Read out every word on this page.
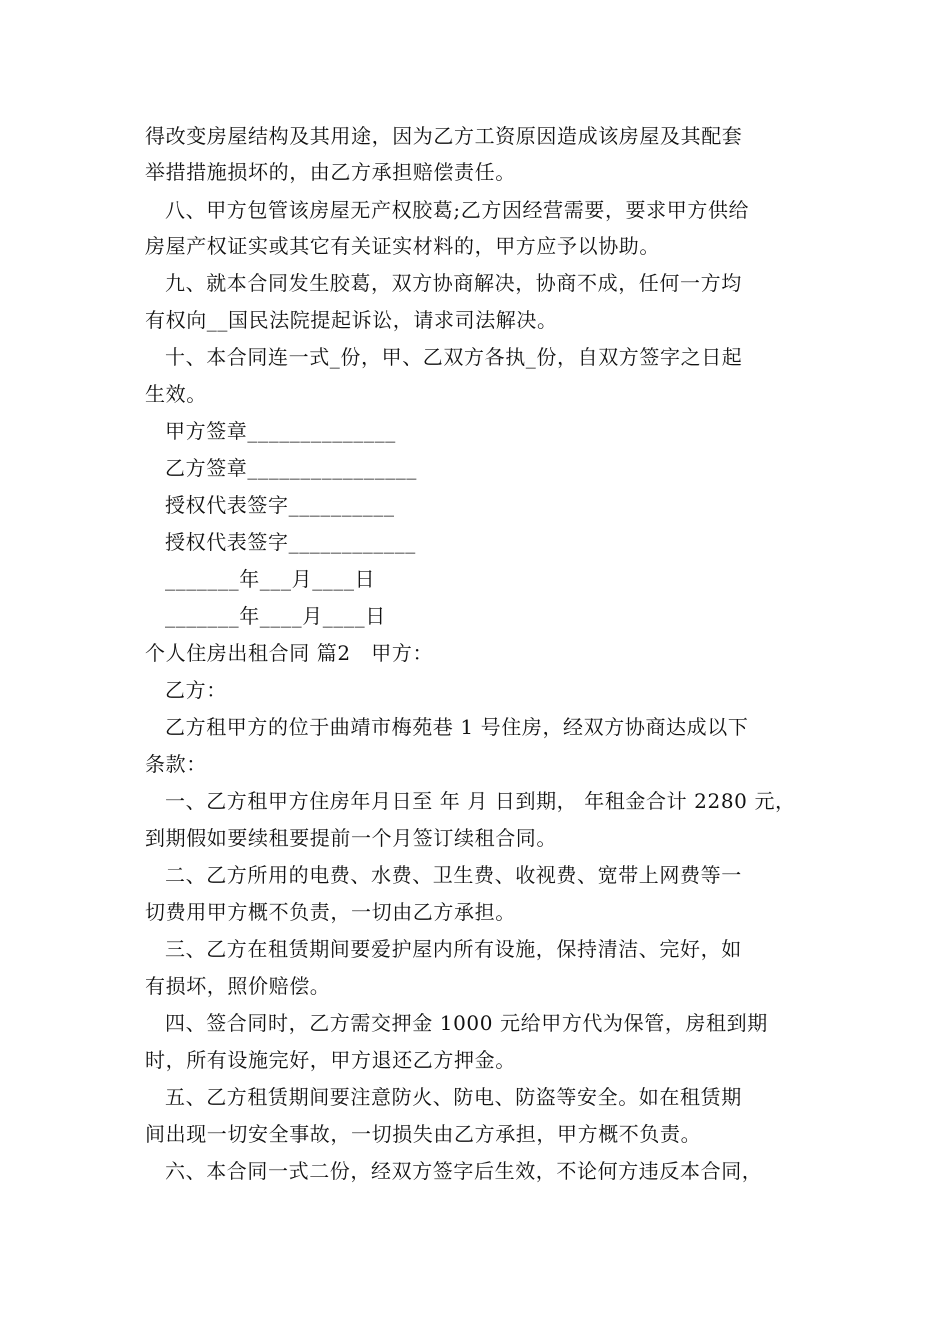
得改变房屋结构及其用途，因为乙方工资原因造成该房屋及其配套
举措措施损坏的，由乙方承担赔偿责任。
八、甲方包管该房屋无产权胶葛;乙方因经营需要，要求甲方供给
房屋产权证实或其它有关证实材料的，甲方应予以协助。
九、就本合同发生胶葛，双方协商解决，协商不成，任何一方均
有权向__国民法院提起诉讼，请求司法解决。
十、本合同连一式_份，甲、乙双方各执_份，自双方签字之日起
生效。
甲方签章______________
乙方签章________________
授权代表签字__________
授权代表签字____________
_______年___月____日
_______年____月____日
个人住房出租合同 篇2　甲方：
乙方：
乙方租甲方的位于曲靖市梅苑巷 1 号住房，经双方协商达成以下
条款：
一、乙方租甲方住房年月日至 年 月 日到期， 年租金合计 2280 元，
到期假如要续租要提前一个月签订续租合同。
二、乙方所用的电费、水费、卫生费、收视费、宽带上网费等一
切费用甲方概不负责，一切由乙方承担。
三、乙方在租赁期间要爱护屋内所有设施，保持清洁、完好，如
有损坏，照价赔偿。
四、签合同时，乙方需交押金 1000 元给甲方代为保管，房租到期
时，所有设施完好，甲方退还乙方押金。
五、乙方租赁期间要注意防火、防电、防盗等安全。如在租赁期
间出现一切安全事故，一切损失由乙方承担，甲方概不负责。
六、本合同一式二份，经双方签字后生效，不论何方违反本合同，
